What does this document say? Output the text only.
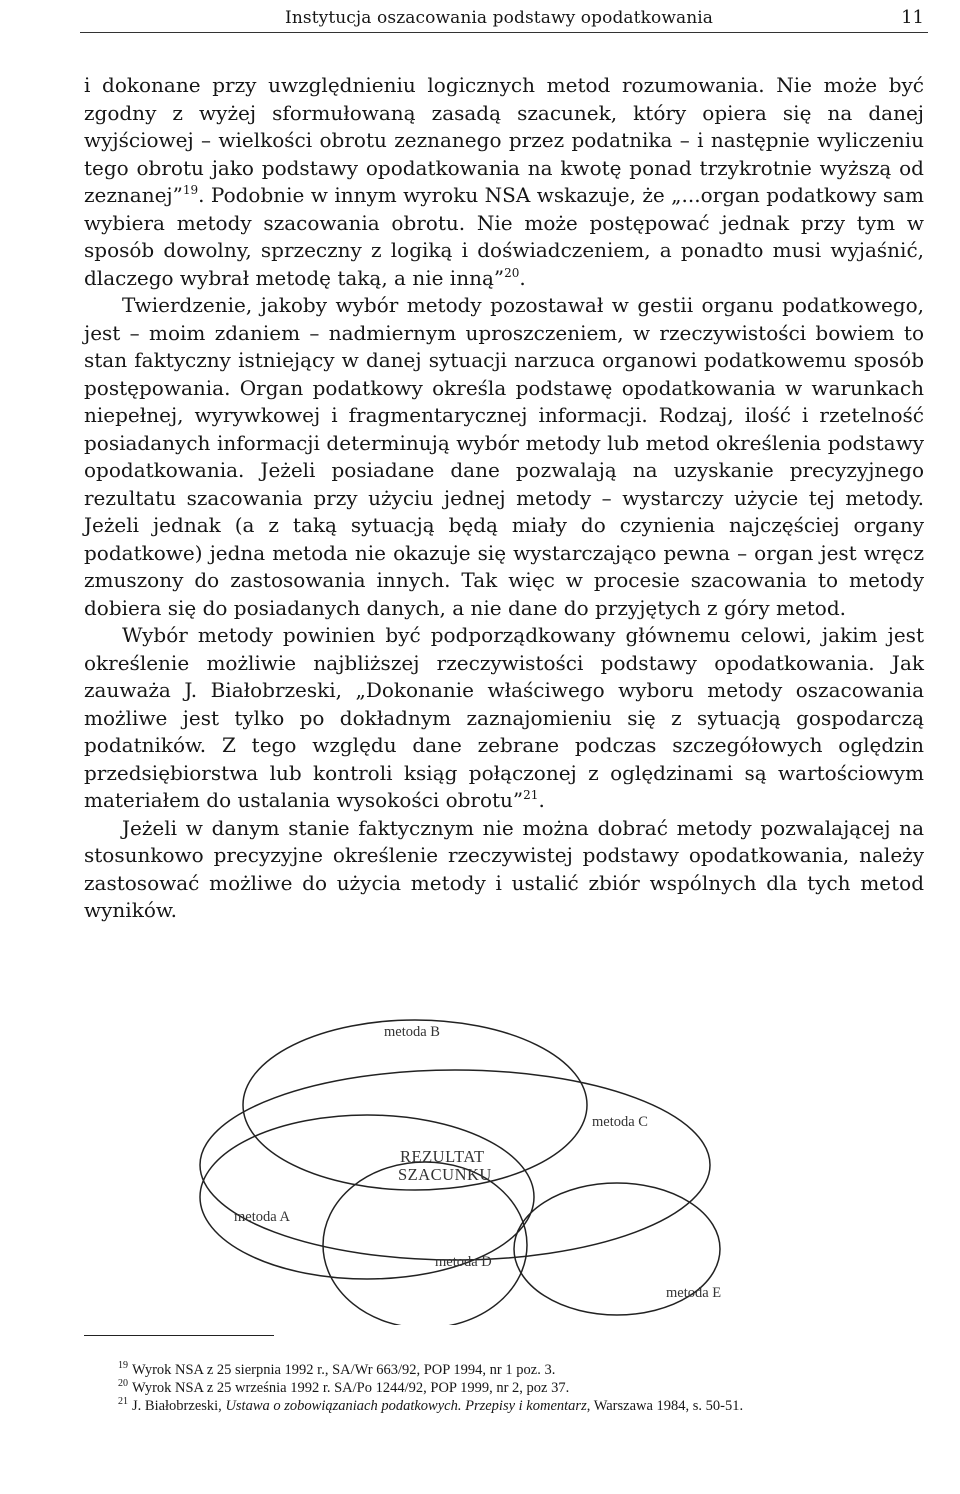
Instytucja oszacowania podstawy opodatkowania	11

i dokonane przy uwzględnieniu logicznych metod rozumowania. Nie może być zgodny z wyżej sformułowaną zasadą szacunek, który opiera się na danej wyjściowej – wielkości obrotu zeznanego przez podatnika – i następnie wyliczeniu tego obrotu jako podstawy opodatkowania na kwotę ponad trzykrotnie wyższą od zeznanej”$^{19}$. Podobnie w innym wyroku NSA wskazuje, że „...organ podatkowy sam wybiera metody szacowania obrotu. Nie może postępować jednak przy tym w sposób dowolny, sprzeczny z logiką i doświadczeniem, a ponadto musi wyjaśnić, dlaczego wybrał metodę taką, a nie inną”$^{20}$.

Twierdzenie, jakoby wybór metody pozostawał w gestii organu podatkowego, jest – moim zdaniem – nadmiernym uproszczeniem, w rzeczywistości bowiem to stan faktyczny istniejący w danej sytuacji narzuca organowi podatkowemu sposób postępowania. Organ podatkowy określa podstawę opodatkowania w warunkach niepełnej, wyrywkowej i fragmentarycznej informacji. Rodzaj, ilość i rzetelność posiadanych informacji determinują wybór metody lub metod określenia podstawy opodatkowania. Jeżeli posiadane dane pozwalają na uzyskanie precyzyjnego rezultatu szacowania przy użyciu jednej metody – wystarczy użycie tej metody. Jeżeli jednak (a z taką sytuacją będą miały do czynienia najczęściej organy podatkowe) jedna metoda nie okazuje się wystarczająco pewna – organ jest wręcz zmuszony do zastosowania innych. Tak więc w procesie szacowania to metody dobiera się do posiadanych danych, a nie dane do przyjętych z góry metod.

Wybór metody powinien być podporządkowany głównemu celowi, jakim jest określenie możliwie najbliższej rzeczywistości podstawy opodatkowania. Jak zauważa J. Białobrzeski, „Dokonanie właściwego wyboru metody oszacowania możliwe jest tylko po dokładnym zaznajomieniu się z sytuacją gospodarczą podatników. Z tego względu dane zebrane podczas szczegółowych oględzin przedsiębiorstwa lub kontroli ksiąg połączonej z oględzinami są wartościowym materiałem do ustalania wysokości obrotu”$^{21}$.

Jeżeli w danym stanie faktycznym nie można dobrać metody pozwalającej na stosunkowo precyzyjne określenie rzeczywistej podstawy opodatkowania, należy zastosować możliwe do użycia metody i ustalić zbiór wspólnych dla tych metod wyników.

metoda B
metoda C
REZULTAT
SZACUNKU
metoda A
metoda D
metoda E
$^{19}$ Wyrok NSA z 25 sierpnia 1992 r., SA/Wr 663/92, POP 1994, nr 1 poz. 3.
$^{20}$ Wyrok NSA z 25 września 1992 r. SA/Po 1244/92, POP 1999, nr 2, poz 37.
$^{21}$ J. Białobrzeski, Ustawa o zobowiązaniach podatkowych. Przepisy i komentarz, Warszawa 1984, s. 50-51.
